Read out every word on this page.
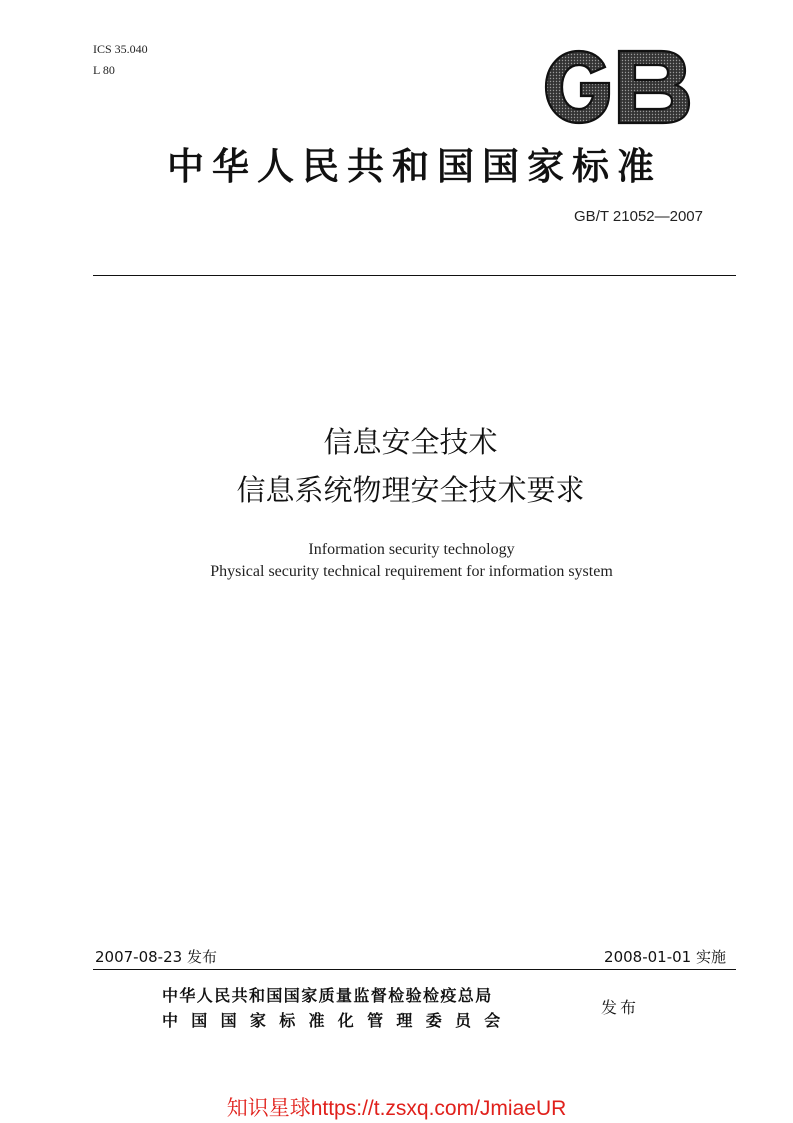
ICS 35.040
L 80
中华人民共和国国家标准
GB/T 21052—2007
信息安全技术
信息系统物理安全技术要求
Information security technology
Physical security technical requirement for information system
2007-08-23 发布	2008-01-01 实施
中华人民共和国国家质量监督检验检疫总局
中国国家标准化管理委员会
发布
知识星球https://t.zsxq.com/JmiaeUR
